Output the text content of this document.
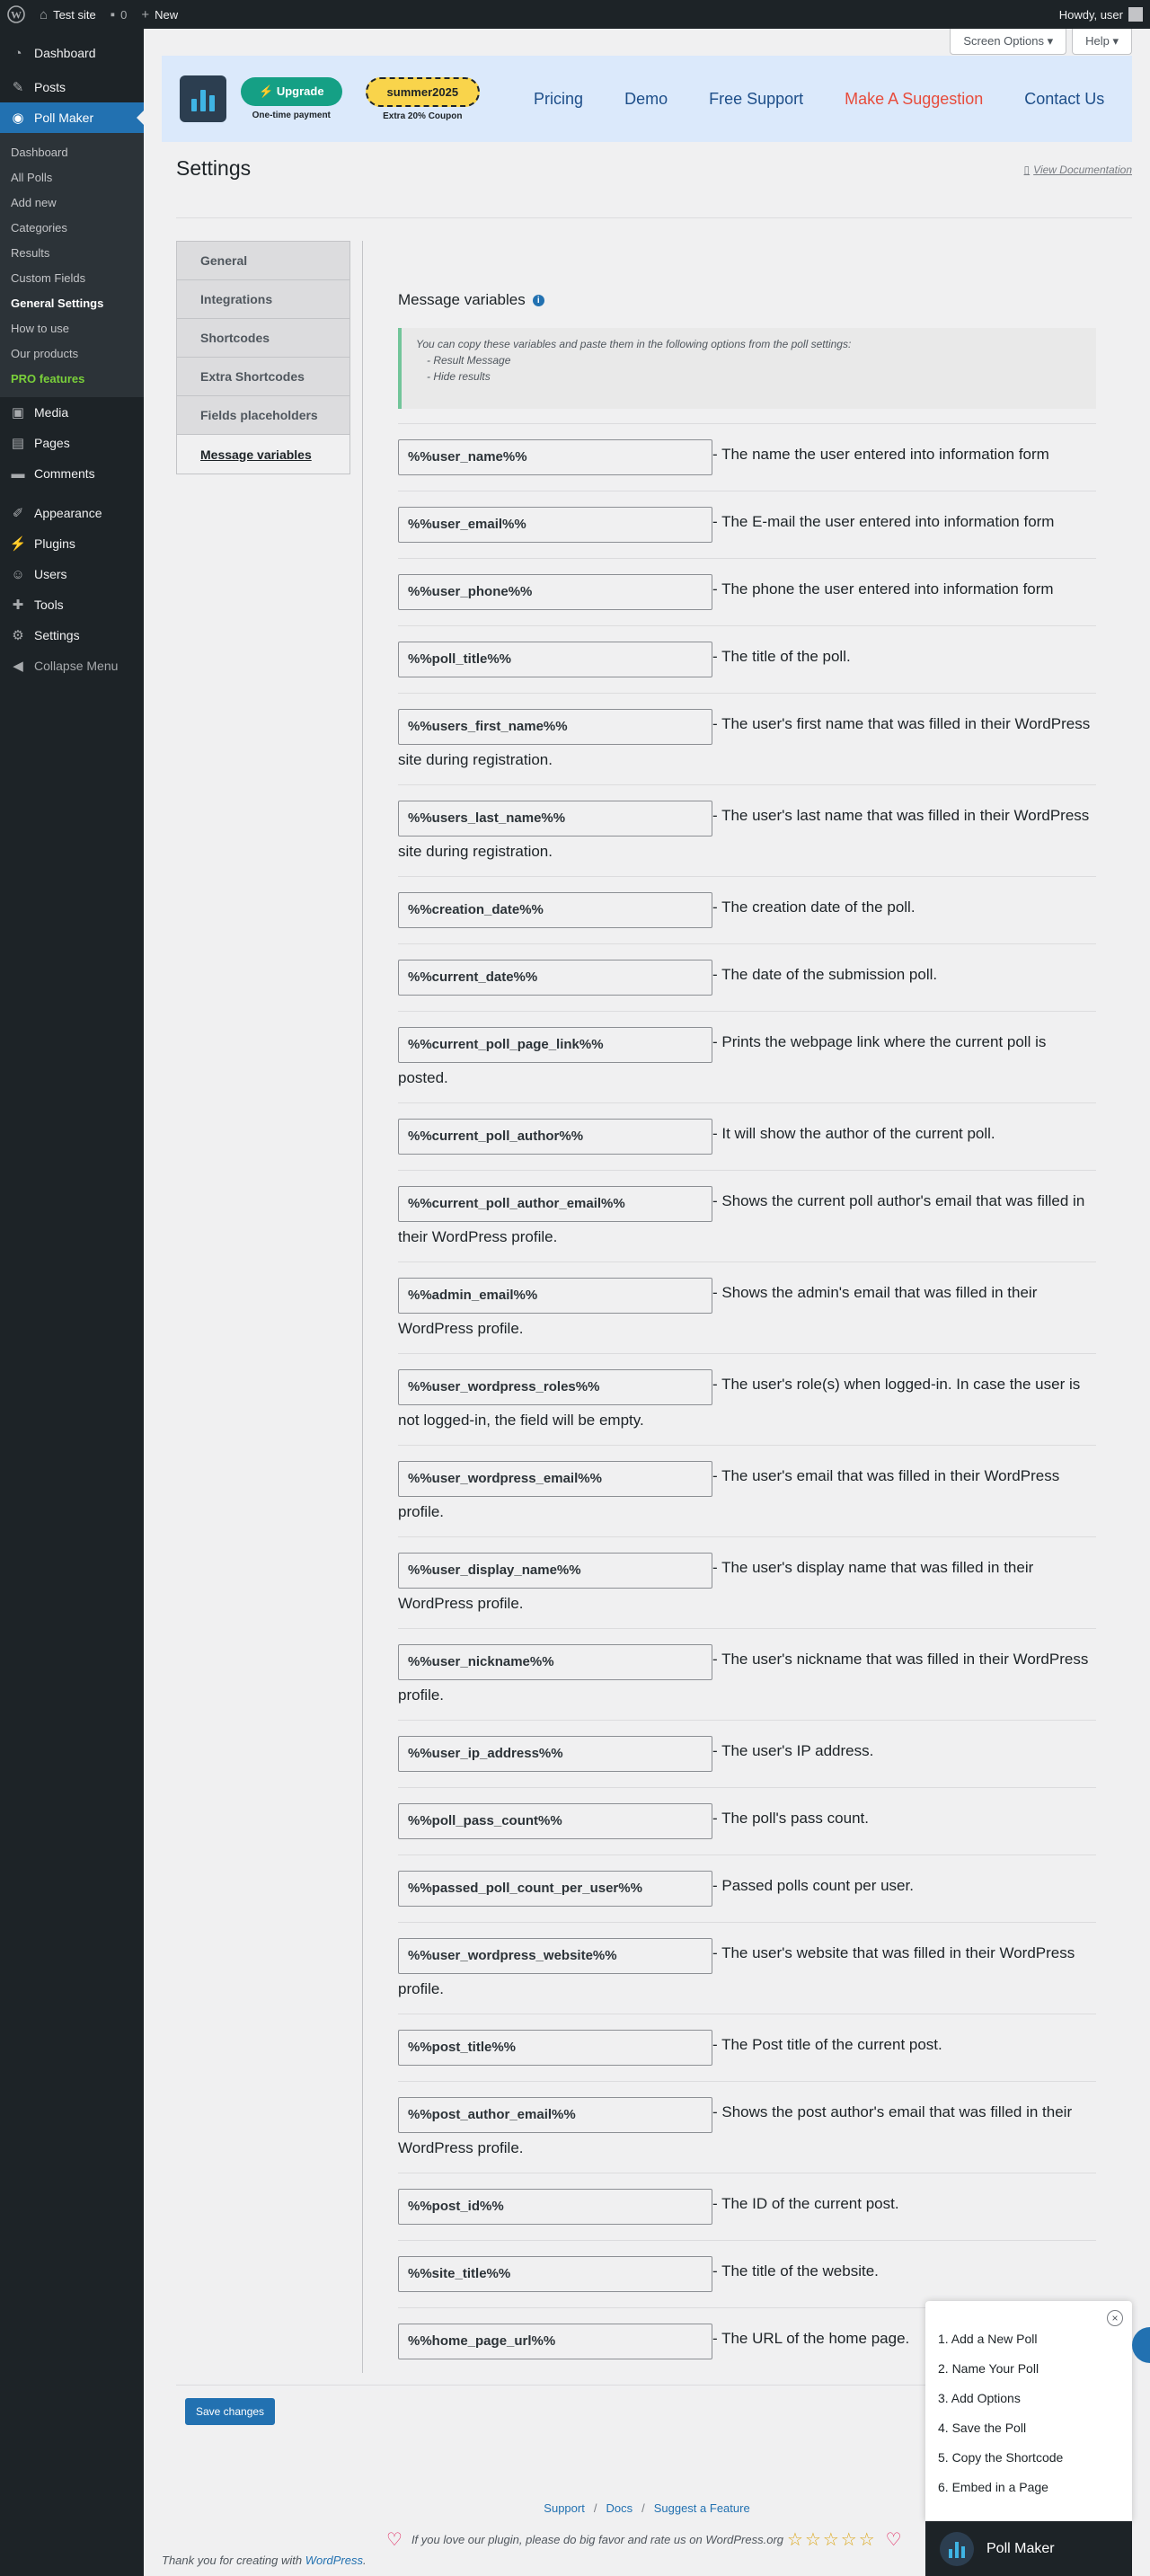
W ⌂ Test site ▪ 0 + New	Howdy, user
◔ Dashboard
✎ Posts
◉ Poll Maker
Dashboard
All Polls
Add new
Categories
Results
Custom Fields
General Settings
How to use
Our products
PRO features
▣ Media
▤ Pages
▬ Comments
✐ Appearance
⚡ Plugins
☺ Users
✚ Tools
⚙ Settings
◀ Collapse Menu
Screen Options ▾	Help ▾
⚡ Upgrade
One-time payment
summer2025
Extra 20% Coupon
Pricing	Demo	Free Support	Make A Suggestion	Contact Us
Settings	▯ View Documentation
General
Integrations
Shortcodes
Extra Shortcodes
Fields placeholders
Message variables
Message variables	i
You can copy these variables and paste them in the following options from the poll settings:
- Result Message
- Hide results
%%user_name%%	- The name the user entered into information form
%%user_email%%	- The E-mail the user entered into information form
%%user_phone%%	- The phone the user entered into information form
%%poll_title%%	- The title of the poll.
%%users_first_name%%	- The user's first name that was filled in their WordPress site during registration.
%%users_last_name%%	- The user's last name that was filled in their WordPress site during registration.
%%creation_date%%	- The creation date of the poll.
%%current_date%%	- The date of the submission poll.
%%current_poll_page_link%%	- Prints the webpage link where the current poll is posted.
%%current_poll_author%%	- It will show the author of the current poll.
%%current_poll_author_email%%	- Shows the current poll author's email that was filled in their WordPress profile.
%%admin_email%%	- Shows the admin's email that was filled in their WordPress profile.
%%user_wordpress_roles%%	- The user's role(s) when logged-in. In case the user is not logged-in, the field will be empty.
%%user_wordpress_email%%	- The user's email that was filled in their WordPress profile.
%%user_display_name%%	- The user's display name that was filled in their WordPress profile.
%%user_nickname%%	- The user's nickname that was filled in their WordPress profile.
%%user_ip_address%%	- The user's IP address.
%%poll_pass_count%%	- The poll's pass count.
%%passed_poll_count_per_user%%	- Passed polls count per user.
%%user_wordpress_website%%	- The user's website that was filled in their WordPress profile.
%%post_title%%	- The Post title of the current post.
%%post_author_email%%	- Shows the post author's email that was filled in their WordPress profile.
%%post_id%%	- The ID of the current post.
%%site_title%%	- The title of the website.
%%home_page_url%%	- The URL of the home page.
Save changes
Support / Docs / Suggest a Feature
♡ If you love our plugin, please do big favor and rate us on WordPress.org ☆☆☆☆☆ ♡
Thank you for creating with WordPress.
×
1. Add a New Poll
2. Name Your Poll
3. Add Options
4. Save the Poll
5. Copy the Shortcode
6. Embed in a Page
Poll Maker
